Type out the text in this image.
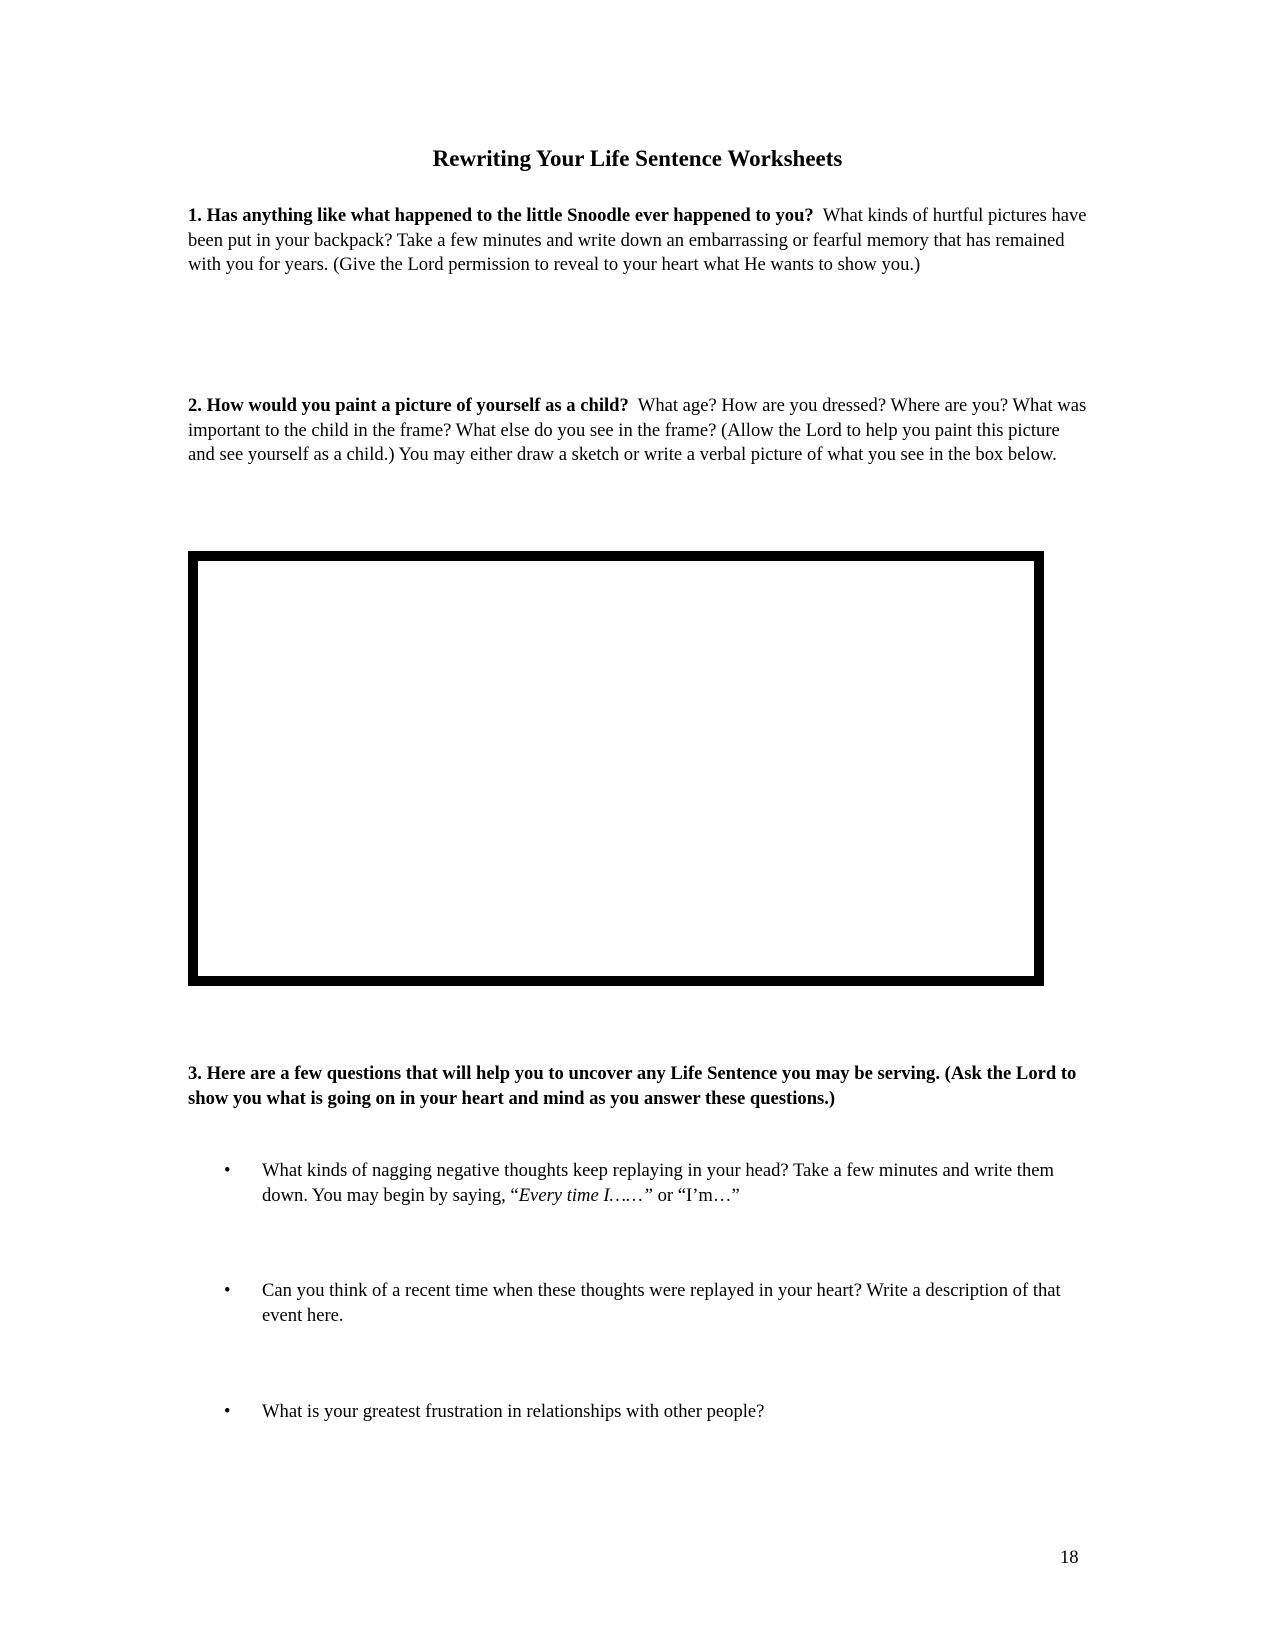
Rewriting Your Life Sentence Worksheets

1. Has anything like what happened to the little Snoodle ever happened to you? What kinds of hurtful pictures have been put in your backpack? Take a few minutes and write down an embarrassing or fearful memory that has remained with you for years. (Give the Lord permission to reveal to your heart what He wants to show you.)

2. How would you paint a picture of yourself as a child? What age? How are you dressed? Where are you? What was important to the child in the frame? What else do you see in the frame? (Allow the Lord to help you paint this picture and see yourself as a child.) You may either draw a sketch or write a verbal picture of what you see in the box below.

3. Here are a few questions that will help you to uncover any Life Sentence you may be serving. (Ask the Lord to show you what is going on in your heart and mind as you answer these questions.)

• What kinds of nagging negative thoughts keep replaying in your head? Take a few minutes and write them down. You may begin by saying, “Every time I……” or “I’m…”
• Can you think of a recent time when these thoughts were replayed in your heart? Write a description of that event here.
• What is your greatest frustration in relationships with other people?
18
